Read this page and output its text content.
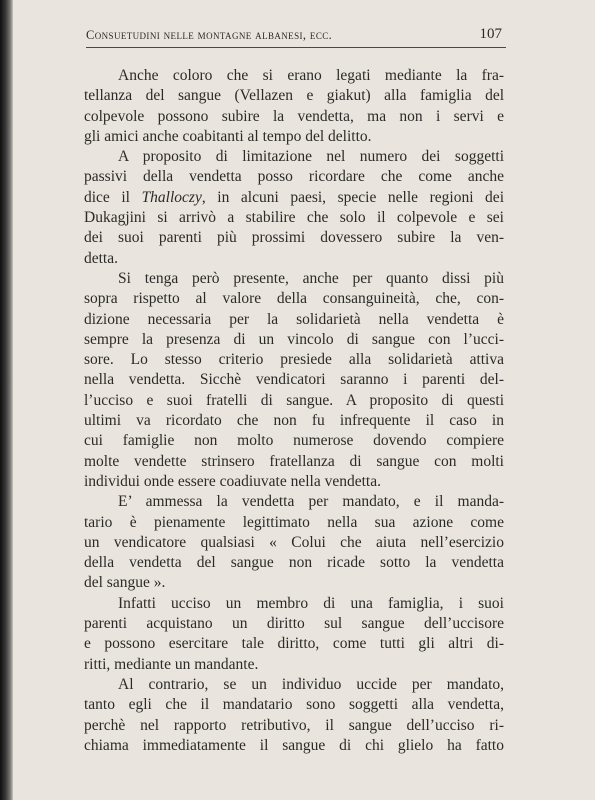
Consuetudini nelle montagne albanesi, ecc.	107
Anche coloro che si erano legati mediante la fra-
tellanza del sangue (Vellazen e giakut) alla famiglia del
colpevole possono subire la vendetta, ma non i servi e
gli amici anche coabitanti al tempo del delitto.
A proposito di limitazione nel numero dei soggetti
passivi della vendetta posso ricordare che come anche
dice il Thalloczy, in alcuni paesi, specie nelle regioni dei
Dukagjini si arrivò a stabilire che solo il colpevole e sei
dei suoi parenti più prossimi dovessero subire la ven-
detta.
Si tenga però presente, anche per quanto dissi più
sopra rispetto al valore della consanguineità, che, con-
dizione necessaria per la solidarietà nella vendetta è
sempre la presenza di un vincolo di sangue con l’ucci-
sore. Lo stesso criterio presiede alla solidarietà attiva
nella vendetta. Sicchè vendicatori saranno i parenti del-
l’ucciso e suoi fratelli di sangue. A proposito di questi
ultimi va ricordato che non fu infrequente il caso in
cui famiglie non molto numerose dovendo compiere
molte vendette strinsero fratellanza di sangue con molti
individui onde essere coadiuvate nella vendetta.
E’ ammessa la vendetta per mandato, e il manda-
tario è pienamente legittimato nella sua azione come
un vendicatore qualsiasi « Colui che aiuta nell’esercizio
della vendetta del sangue non ricade sotto la vendetta
del sangue ».
Infatti ucciso un membro di una famiglia, i suoi
parenti acquistano un diritto sul sangue dell’uccisore
e possono esercitare tale diritto, come tutti gli altri di-
ritti, mediante un mandante.
Al contrario, se un individuo uccide per mandato,
tanto egli che il mandatario sono soggetti alla vendetta,
perchè nel rapporto retributivo, il sangue dell’ucciso ri-
chiama immediatamente il sangue di chi glielo ha fatto
